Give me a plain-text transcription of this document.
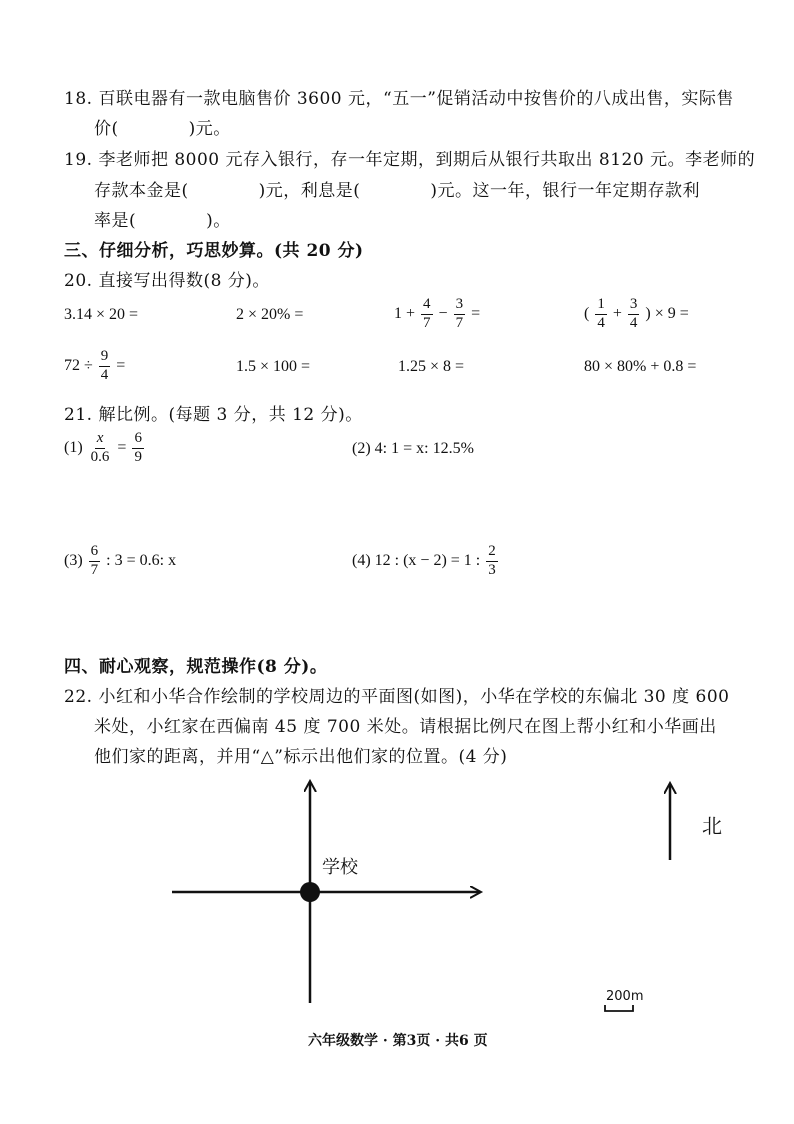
18. 百联电器有一款电脑售价 3600 元，“五一”促销活动中按售价的八成出售，实际售
价(　　　　)元。
19. 李老师把 8000 元存入银行，存一年定期，到期后从银行共取出 8120 元。李老师的
存款本金是(　　　　)元，利息是(　　　　)元。这一年，银行一年定期存款利
率是(　　　　)。
三、仔细分析，巧思妙算。(共 20 分)
20. 直接写出得数(8 分)。
3.14 × 20 =	2 × 20% =	$1 + \frac{4}{7} - \frac{3}{7}$ =	( $\frac{1}{4} + \frac{3}{4}$ ) × 9 =
$72 \div \frac{9}{4}$ =	1.5 × 100 =	1.25 × 8 =	80 × 80% + 0.8 =
21. 解比例。(每题 3 分，共 12 分)。
$(1) \frac{x}{0.6} = \frac{6}{9}$	(2) 4: 1 = x: 12.5%
$(3) \frac{6}{7}$ : 3 = 0.6: x	(4) 12 : (x − 2) = 1 : $\frac{2}{3}$
四、耐心观察，规范操作(8 分)。
22. 小红和小华合作绘制的学校周边的平面图(如图)，小华在学校的东偏北 30 度 600
米处，小红家在西偏南 45 度 700 米处。请根据比例尺在图上帮小红和小华画出
他们家的距离，并用“△”标示出他们家的位置。(4 分)
学校
北
200m
六年级数学 · 第3页 · 共6 页
